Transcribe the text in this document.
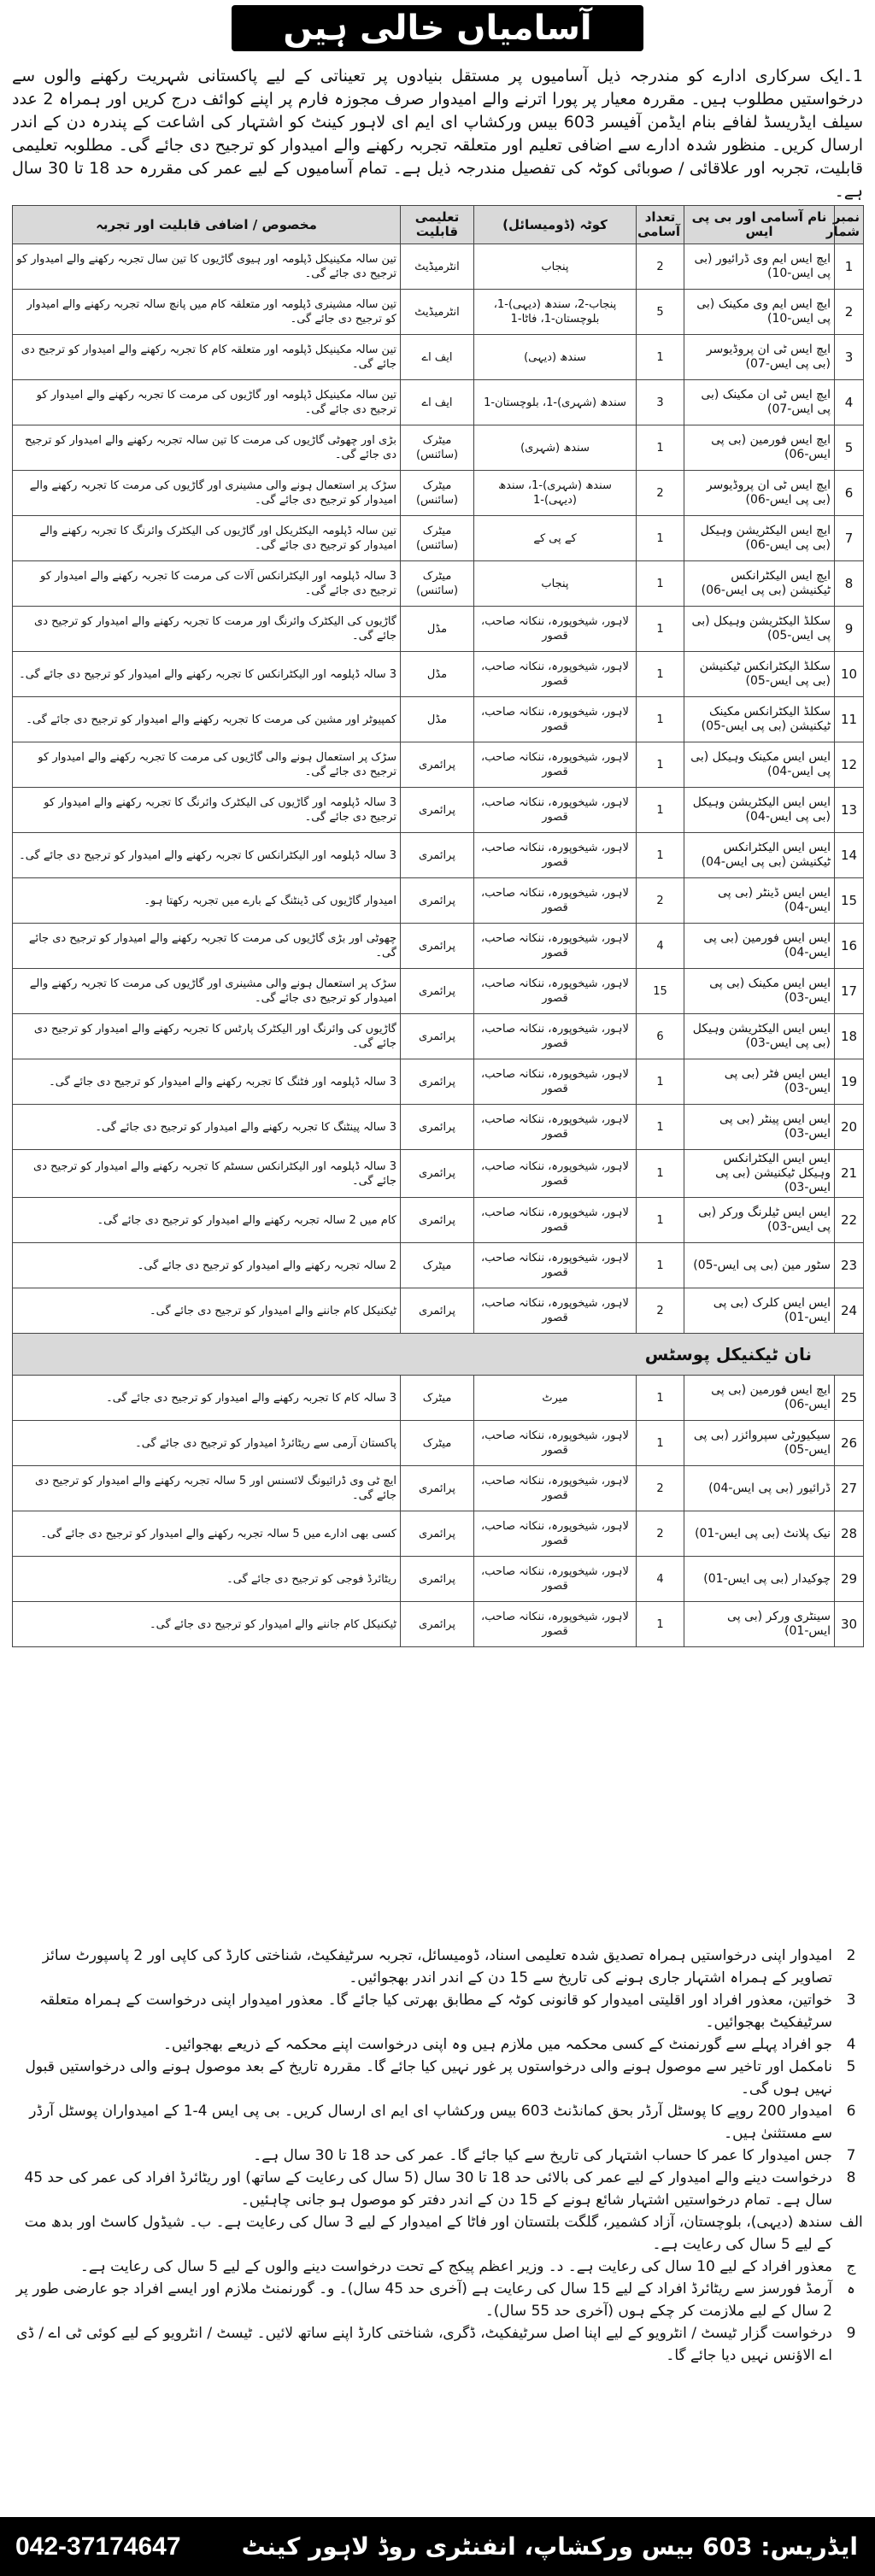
آسامیاں خالی ہیں
1۔ایک سرکاری ادارے کو مندرجہ ذیل آسامیوں پر مستقل بنیادوں پر تعیناتی کے لیے پاکستانی شہریت رکھنے والوں سے درخواستیں مطلوب ہیں۔ مقررہ معیار پر پورا اترنے والے امیدوار صرف مجوزہ فارم پر اپنے کوائف درج کریں اور ہمراہ 2 عدد سیلف ایڈریسڈ لفافے بنام ایڈمن آفیسر 603 بیس ورکشاپ ای ایم ای لاہور کینٹ کو اشتہار کی اشاعت کے پندرہ دن کے اندر ارسال کریں۔ منظور شدہ ادارے سے اضافی تعلیم اور متعلقہ تجربہ رکھنے والے امیدوار کو ترجیح دی جائے گی۔ مطلوبہ تعلیمی قابلیت، تجربہ اور علاقائی / صوبائی کوٹہ کی تفصیل مندرجہ ذیل ہے۔ تمام آسامیوں کے لیے عمر کی مقررہ حد 18 تا 30 سال ہے۔
نمبر شمار	نام آسامی اور بی پی ایس	تعداد آسامی	کوٹہ (ڈومیسائل)	تعلیمی قابلیت	مخصوص / اضافی قابلیت اور تجربہ
1	ایچ ایس ایم وی ڈرائیور (بی پی ایس-10)	2	پنجاب	انٹرمیڈیٹ	تین سالہ مکینیکل ڈپلومہ اور ہیوی گاڑیوں کا تین سال تجربہ رکھنے والے امیدوار کو ترجیح دی جائے گی۔
2	ایچ ایس ایم وی مکینک (بی پی ایس-10)	5	پنجاب-2، سندھ (دیہی)-1، بلوچستان-1، فاٹا-1	انٹرمیڈیٹ	تین سالہ مشینری ڈپلومہ اور متعلقہ کام میں پانچ سالہ تجربہ رکھنے والے امیدوار کو ترجیح دی جائے گی۔
3	ایچ ایس ٹی ان پروڈیوسر (بی پی ایس-07)	1	سندھ (دیہی)	ایف اے	تین سالہ مکینیکل ڈپلومہ اور متعلقہ کام کا تجربہ رکھنے والے امیدوار کو ترجیح دی جائے گی۔
4	ایچ ایس ٹی ان مکینک (بی پی ایس-07)	3	سندھ (شہری)-1، بلوچستان-1	ایف اے	تین سالہ مکینیکل ڈپلومہ اور گاڑیوں کی مرمت کا تجربہ رکھنے والے امیدوار کو ترجیح دی جائے گی۔
5	ایچ ایس فورمین (بی پی ایس-06)	1	سندھ (شہری)	میٹرک (سائنس)	بڑی اور چھوٹی گاڑیوں کی مرمت کا تین سالہ تجربہ رکھنے والے امیدوار کو ترجیح دی جائے گی۔
6	ایچ ایس ٹی ان پروڈیوسر (بی پی ایس-06)	2	سندھ (شہری)-1، سندھ (دیہی)-1	میٹرک (سائنس)	سڑک پر استعمال ہونے والی مشینری اور گاڑیوں کی مرمت کا تجربہ رکھنے والے امیدوار کو ترجیح دی جائے گی۔
7	ایچ ایس الیکٹریشن وہیکل (بی پی ایس-06)	1	کے پی کے	میٹرک (سائنس)	تین سالہ ڈپلومہ الیکٹریکل اور گاڑیوں کی الیکٹرک وائرنگ کا تجربہ رکھنے والے امیدوار کو ترجیح دی جائے گی۔
8	ایچ ایس الیکٹرانکس ٹیکنیشن (بی پی ایس-06)	1	پنجاب	میٹرک (سائنس)	3 سالہ ڈپلومہ اور الیکٹرانکس آلات کی مرمت کا تجربہ رکھنے والے امیدوار کو ترجیح دی جائے گی۔
9	سکلڈ الیکٹریشن وہیکل (بی پی ایس-05)	1	لاہور، شیخوپورہ، ننکانہ صاحب، قصور	مڈل	گاڑیوں کی الیکٹرک وائرنگ اور مرمت کا تجربہ رکھنے والے امیدوار کو ترجیح دی جائے گی۔
10	سکلڈ الیکٹرانکس ٹیکنیشن (بی پی ایس-05)	1	لاہور، شیخوپورہ، ننکانہ صاحب، قصور	مڈل	3 سالہ ڈپلومہ اور الیکٹرانکس کا تجربہ رکھنے والے امیدوار کو ترجیح دی جائے گی۔
11	سکلڈ الیکٹرانکس مکینک ٹیکنیشن (بی پی ایس-05)	1	لاہور، شیخوپورہ، ننکانہ صاحب، قصور	مڈل	کمپیوٹر اور مشین کی مرمت کا تجربہ رکھنے والے امیدوار کو ترجیح دی جائے گی۔
12	ایس ایس مکینک وہیکل (بی پی ایس-04)	1	لاہور، شیخوپورہ، ننکانہ صاحب، قصور	پرائمری	سڑک پر استعمال ہونے والی گاڑیوں کی مرمت کا تجربہ رکھنے والے امیدوار کو ترجیح دی جائے گی۔
13	ایس ایس الیکٹریشن وہیکل (بی پی ایس-04)	1	لاہور، شیخوپورہ، ننکانہ صاحب، قصور	پرائمری	3 سالہ ڈپلومہ اور گاڑیوں کی الیکٹرک وائرنگ کا تجربہ رکھنے والے امیدوار کو ترجیح دی جائے گی۔
14	ایس ایس الیکٹرانکس ٹیکنیشن (بی پی ایس-04)	1	لاہور، شیخوپورہ، ننکانہ صاحب، قصور	پرائمری	3 سالہ ڈپلومہ اور الیکٹرانکس کا تجربہ رکھنے والے امیدوار کو ترجیح دی جائے گی۔
15	ایس ایس ڈینٹر (بی پی ایس-04)	2	لاہور، شیخوپورہ، ننکانہ صاحب، قصور	پرائمری	امیدوار گاڑیوں کی ڈینٹنگ کے بارے میں تجربہ رکھتا ہو۔
16	ایس ایس فورمین (بی پی ایس-04)	4	لاہور، شیخوپورہ، ننکانہ صاحب، قصور	پرائمری	چھوٹی اور بڑی گاڑیوں کی مرمت کا تجربہ رکھنے والے امیدوار کو ترجیح دی جائے گی۔
17	ایس ایس مکینک (بی پی ایس-03)	15	لاہور، شیخوپورہ، ننکانہ صاحب، قصور	پرائمری	سڑک پر استعمال ہونے والی مشینری اور گاڑیوں کی مرمت کا تجربہ رکھنے والے امیدوار کو ترجیح دی جائے گی۔
18	ایس ایس الیکٹریشن وہیکل (بی پی ایس-03)	6	لاہور، شیخوپورہ، ننکانہ صاحب، قصور	پرائمری	گاڑیوں کی وائرنگ اور الیکٹرک پارٹس کا تجربہ رکھنے والے امیدوار کو ترجیح دی جائے گی۔
19	ایس ایس فٹر (بی پی ایس-03)	1	لاہور، شیخوپورہ، ننکانہ صاحب، قصور	پرائمری	3 سالہ ڈپلومہ اور فٹنگ کا تجربہ رکھنے والے امیدوار کو ترجیح دی جائے گی۔
20	ایس ایس پینٹر (بی پی ایس-03)	1	لاہور، شیخوپورہ، ننکانہ صاحب، قصور	پرائمری	3 سالہ پینٹنگ کا تجربہ رکھنے والے امیدوار کو ترجیح دی جائے گی۔
21	ایس ایس الیکٹرانکس وہیکل ٹیکنیشن (بی پی ایس-03)	1	لاہور، شیخوپورہ، ننکانہ صاحب، قصور	پرائمری	3 سالہ ڈپلومہ اور الیکٹرانکس سسٹم کا تجربہ رکھنے والے امیدوار کو ترجیح دی جائے گی۔
22	ایس ایس ٹیلرنگ ورکر (بی پی ایس-03)	1	لاہور، شیخوپورہ، ننکانہ صاحب، قصور	پرائمری	کام میں 2 سالہ تجربہ رکھنے والے امیدوار کو ترجیح دی جائے گی۔
23	سٹور مین (بی پی ایس-05)	1	لاہور، شیخوپورہ، ننکانہ صاحب، قصور	میٹرک	2 سالہ تجربہ رکھنے والے امیدوار کو ترجیح دی جائے گی۔
24	ایس ایس کلرک (بی پی ایس-01)	2	لاہور، شیخوپورہ، ننکانہ صاحب، قصور	پرائمری	ٹیکنیکل کام جاننے والے امیدوار کو ترجیح دی جائے گی۔
نان ٹیکنیکل پوسٹس					
25	ایچ ایس فورمین (بی پی ایس-06)	1	میرٹ	میٹرک	3 سالہ کام کا تجربہ رکھنے والے امیدوار کو ترجیح دی جائے گی۔
26	سیکیورٹی سپروائزر (بی پی ایس-05)	1	لاہور، شیخوپورہ، ننکانہ صاحب، قصور	میٹرک	پاکستان آرمی سے ریٹائرڈ امیدوار کو ترجیح دی جائے گی۔
27	ڈرائیور (بی پی ایس-04)	2	لاہور، شیخوپورہ، ننکانہ صاحب، قصور	پرائمری	ایچ ٹی وی ڈرائیونگ لائسنس اور 5 سالہ تجربہ رکھنے والے امیدوار کو ترجیح دی جائے گی۔
28	نیک پلانٹ (بی پی ایس-01)	2	لاہور، شیخوپورہ، ننکانہ صاحب، قصور	پرائمری	کسی بھی ادارے میں 5 سالہ تجربہ رکھنے والے امیدوار کو ترجیح دی جائے گی۔
29	چوکیدار (بی پی ایس-01)	4	لاہور، شیخوپورہ، ننکانہ صاحب، قصور	پرائمری	ریٹائرڈ فوجی کو ترجیح دی جائے گی۔
30	سینٹری ورکر (بی پی ایس-01)	1	لاہور، شیخوپورہ، ننکانہ صاحب، قصور	پرائمری	ٹیکنیکل کام جاننے والے امیدوار کو ترجیح دی جائے گی۔
2
امیدوار اپنی درخواستیں ہمراہ تصدیق شدہ تعلیمی اسناد، ڈومیسائل، تجربہ سرٹیفکیٹ، شناختی کارڈ کی کاپی اور 2 پاسپورٹ سائز تصاویر کے ہمراہ اشتہار جاری ہونے کی تاریخ سے 15 دن کے اندر اندر بھجوائیں۔
3
خواتین، معذور افراد اور اقلیتی امیدوار کو قانونی کوٹہ کے مطابق بھرتی کیا جائے گا۔ معذور امیدوار اپنی درخواست کے ہمراہ متعلقہ سرٹیفکیٹ بھجوائیں۔
4
جو افراد پہلے سے گورنمنٹ کے کسی محکمہ میں ملازم ہیں وہ اپنی درخواست اپنے محکمہ کے ذریعے بھجوائیں۔
5
نامکمل اور تاخیر سے موصول ہونے والی درخواستوں پر غور نہیں کیا جائے گا۔ مقررہ تاریخ کے بعد موصول ہونے والی درخواستیں قبول نہیں ہوں گی۔
6
امیدوار 200 روپے کا پوسٹل آرڈر بحق کمانڈنٹ 603 بیس ورکشاپ ای ایم ای ارسال کریں۔ بی پی ایس 4-1 کے امیدواران پوسٹل آرڈر سے مستثنیٰ ہیں۔
7
جس امیدوار کا عمر کا حساب اشتہار کی تاریخ سے کیا جائے گا۔ عمر کی حد 18 تا 30 سال ہے۔
8
درخواست دینے والے امیدوار کے لیے عمر کی بالائی حد 18 تا 30 سال (5 سال کی رعایت کے ساتھ) اور ریٹائرڈ افراد کی عمر کی حد 45 سال ہے۔ تمام درخواستیں اشتہار شائع ہونے کے 15 دن کے اندر دفتر کو موصول ہو جانی چاہئیں۔
الف
سندھ (دیہی)، بلوچستان، آزاد کشمیر، گلگت بلتستان اور فاٹا کے امیدوار کے لیے 3 سال کی رعایت ہے۔ ب۔ شیڈول کاسٹ اور بدھ مت کے لیے 5 سال کی رعایت ہے۔
ج
معذور افراد کے لیے 10 سال کی رعایت ہے۔ د۔ وزیر اعظم پیکج کے تحت درخواست دینے والوں کے لیے 5 سال کی رعایت ہے۔
ہ
آرمڈ فورسز سے ریٹائرڈ افراد کے لیے 15 سال کی رعایت ہے (آخری حد 45 سال)۔ و۔ گورنمنٹ ملازم اور ایسے افراد جو عارضی طور پر 2 سال کے لیے ملازمت کر چکے ہوں (آخری حد 55 سال)۔
9
درخواست گزار ٹیسٹ / انٹرویو کے لیے اپنا اصل سرٹیفکیٹ، ڈگری، شناختی کارڈ اپنے ساتھ لائیں۔ ٹیسٹ / انٹرویو کے لیے کوئی ٹی اے / ڈی اے الاؤنس نہیں دیا جائے گا۔
042-37174647	ایڈریس: 603 بیس ورکشاپ، انفنٹری روڈ لاہور کینٹ
